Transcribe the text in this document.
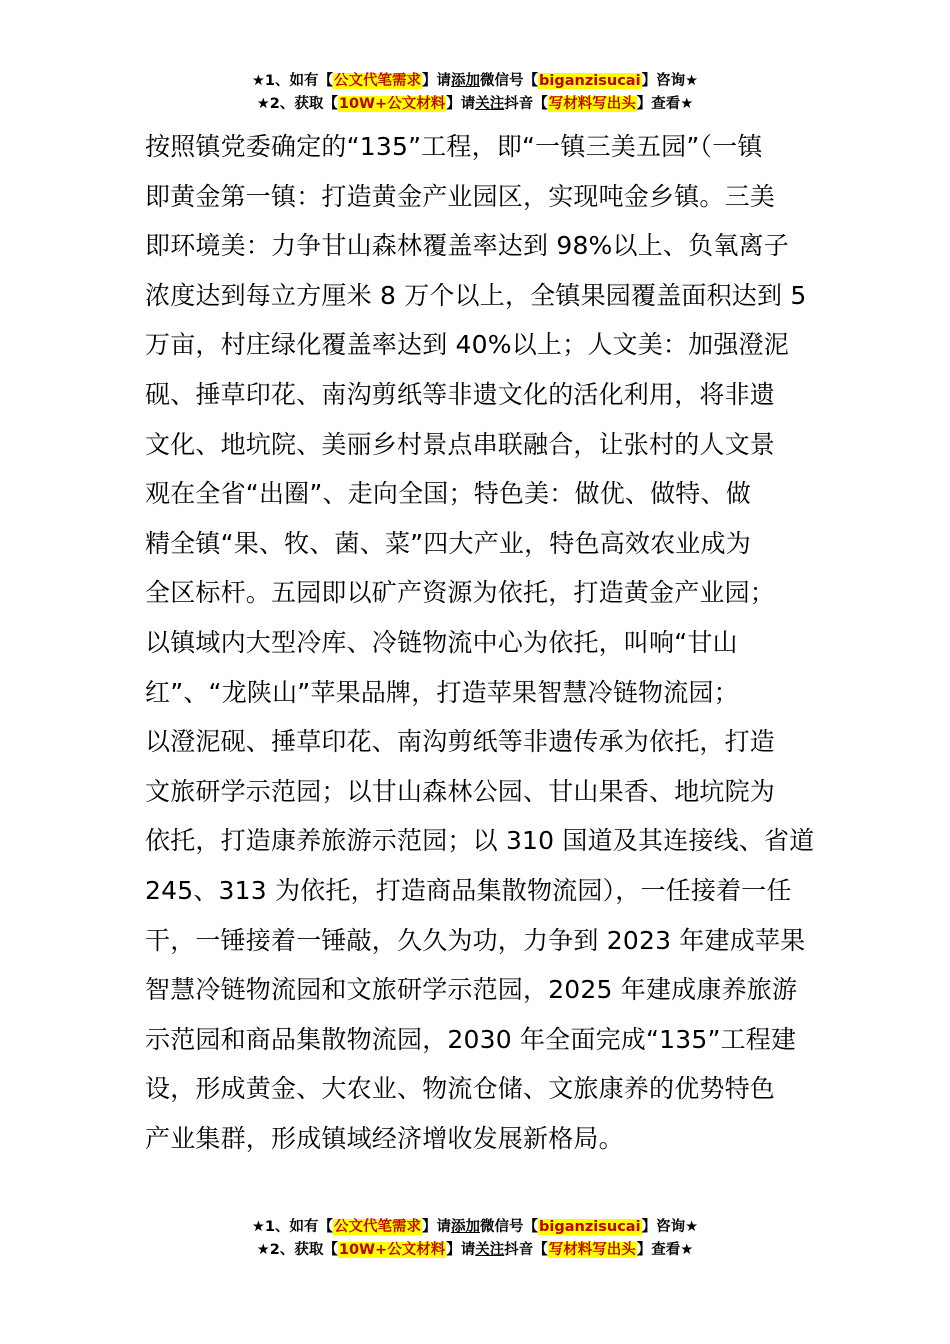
★1、如有【公文代笔需求】请添加微信号【biganzisucai】咨询★
★2、获取【10W+公文材料】请关注抖音【写材料写出头】查看★
按照镇党委确定的“135”工程，即“一镇三美五园”（一镇
即黄金第一镇：打造黄金产业园区，实现吨金乡镇。三美
即环境美：力争甘山森林覆盖率达到 98%以上、负氧离子
浓度达到每立方厘米 8 万个以上，全镇果园覆盖面积达到 5
万亩，村庄绿化覆盖率达到 40%以上；人文美：加强澄泥
砚、捶草印花、南沟剪纸等非遗文化的活化利用，将非遗
文化、地坑院、美丽乡村景点串联融合，让张村的人文景
观在全省“出圈”、走向全国；特色美：做优、做特、做
精全镇“果、牧、菌、菜”四大产业，特色高效农业成为
全区标杆。五园即以矿产资源为依托，打造黄金产业园；
以镇域内大型冷库、冷链物流中心为依托，叫响“甘山
红”、“龙陕山”苹果品牌，打造苹果智慧冷链物流园；
以澄泥砚、捶草印花、南沟剪纸等非遗传承为依托，打造
文旅研学示范园；以甘山森林公园、甘山果香、地坑院为
依托，打造康养旅游示范园；以 310 国道及其连接线、省道
245、313 为依托，打造商品集散物流园），一任接着一任
干，一锤接着一锤敲，久久为功，力争到 2023 年建成苹果
智慧冷链物流园和文旅研学示范园，2025 年建成康养旅游
示范园和商品集散物流园，2030 年全面完成“135”工程建
设，形成黄金、大农业、物流仓储、文旅康养的优势特色
产业集群，形成镇域经济增收发展新格局。
★1、如有【公文代笔需求】请添加微信号【biganzisucai】咨询★
★2、获取【10W+公文材料】请关注抖音【写材料写出头】查看★
